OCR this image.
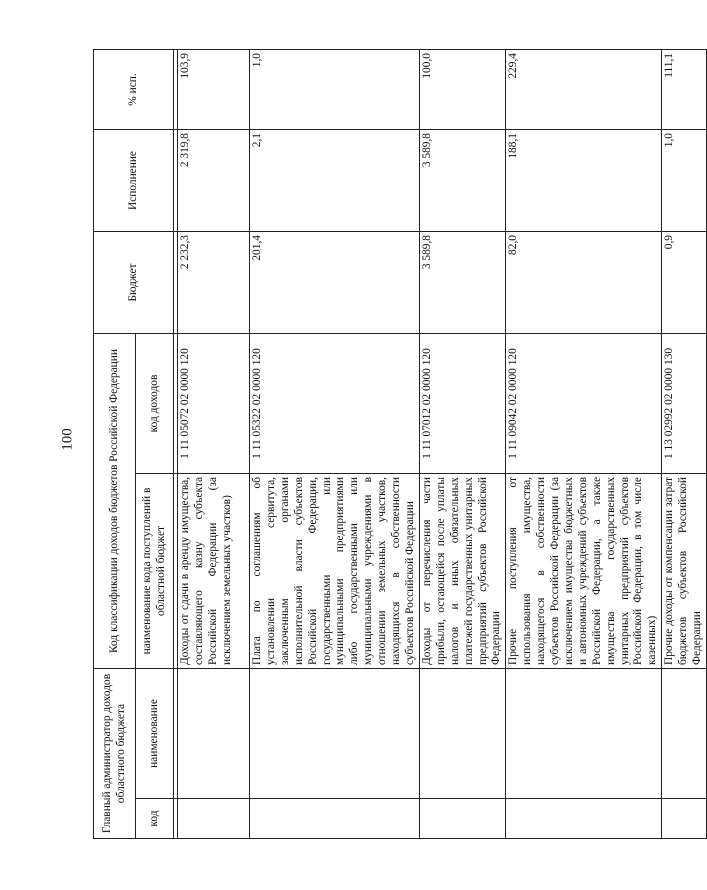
100
Главный администратор доходов областного бюджета		Код классификации доходов бюджетов Российской Федерации		Бюджет	Исполнение	% исп.
код	наименование	наименование кода поступлений в областной бюджет	код доходов			

		Доходы от сдачи в аренду имущества, составляющего казну субъекта Российской Федерации (за исключением земельных участков)	1 11 05072 02 0000 120	2 232,3	2 319,8	103,9
		Плата по соглашениям об установлении сервитута, заключенным органами исполнительной власти субъектов Российской Федерации, государственными или муниципальными предприятиями либо государственными или муниципальными учреждениями в отношении земельных участков, находящихся в собственности субъектов Российской Федерации	1 11 05322 02 0000 120	201,4	2,1	1,0
		Доходы от перечисления части прибыли, остающейся после уплаты налогов и иных обязательных платежей государственных унитарных предприятий субъектов Российской Федерации	1 11 07012 02 0000 120	3 589,8	3 589,8	100,0
		Прочие поступления от использования имущества, находящегося в собственности субъектов Российской Федерации (за исключением имущества бюджетных и автономных учреждений субъектов Российской Федерации, а также имущества государственных унитарных предприятий субъектов Российской Федерации, в том числе казенных)	1 11 09042 02 0000 120	82,0	188,1	229,4
		Прочие доходы от компенсации затрат бюджетов субъектов Российской Федерации	1 13 02992 02 0000 130	0,9	1,0	111,1
